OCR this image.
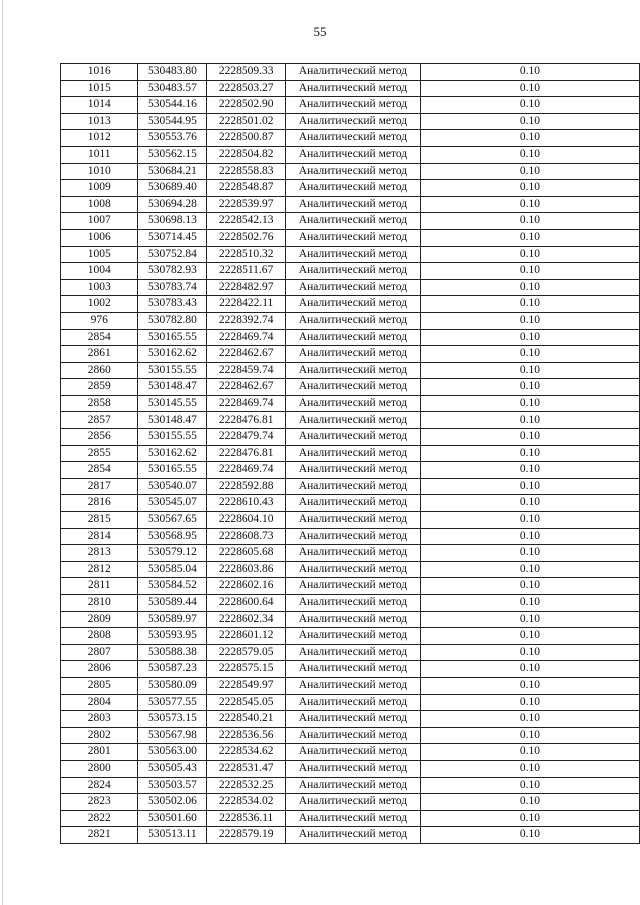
55
1016	530483.80	2228509.33	Аналитический метод	0.10
1015	530483.57	2228503.27	Аналитический метод	0.10
1014	530544.16	2228502.90	Аналитический метод	0.10
1013	530544.95	2228501.02	Аналитический метод	0.10
1012	530553.76	2228500.87	Аналитический метод	0.10
1011	530562.15	2228504.82	Аналитический метод	0.10
1010	530684.21	2228558.83	Аналитический метод	0.10
1009	530689.40	2228548.87	Аналитический метод	0.10
1008	530694.28	2228539.97	Аналитический метод	0.10
1007	530698.13	2228542.13	Аналитический метод	0.10
1006	530714.45	2228502.76	Аналитический метод	0.10
1005	530752.84	2228510.32	Аналитический метод	0.10
1004	530782.93	2228511.67	Аналитический метод	0.10
1003	530783.74	2228482.97	Аналитический метод	0.10
1002	530783.43	2228422.11	Аналитический метод	0.10
976	530782.80	2228392.74	Аналитический метод	0.10
2854	530165.55	2228469.74	Аналитический метод	0.10
2861	530162.62	2228462.67	Аналитический метод	0.10
2860	530155.55	2228459.74	Аналитический метод	0.10
2859	530148.47	2228462.67	Аналитический метод	0.10
2858	530145.55	2228469.74	Аналитический метод	0.10
2857	530148.47	2228476.81	Аналитический метод	0.10
2856	530155.55	2228479.74	Аналитический метод	0.10
2855	530162.62	2228476.81	Аналитический метод	0.10
2854	530165.55	2228469.74	Аналитический метод	0.10
2817	530540.07	2228592.88	Аналитический метод	0.10
2816	530545.07	2228610.43	Аналитический метод	0.10
2815	530567.65	2228604.10	Аналитический метод	0.10
2814	530568.95	2228608.73	Аналитический метод	0.10
2813	530579.12	2228605.68	Аналитический метод	0.10
2812	530585.04	2228603.86	Аналитический метод	0.10
2811	530584.52	2228602.16	Аналитический метод	0.10
2810	530589.44	2228600.64	Аналитический метод	0.10
2809	530589.97	2228602.34	Аналитический метод	0.10
2808	530593.95	2228601.12	Аналитический метод	0.10
2807	530588.38	2228579.05	Аналитический метод	0.10
2806	530587.23	2228575.15	Аналитический метод	0.10
2805	530580.09	2228549.97	Аналитический метод	0.10
2804	530577.55	2228545.05	Аналитический метод	0.10
2803	530573.15	2228540.21	Аналитический метод	0.10
2802	530567.98	2228536.56	Аналитический метод	0.10
2801	530563.00	2228534.62	Аналитический метод	0.10
2800	530505.43	2228531.47	Аналитический метод	0.10
2824	530503.57	2228532.25	Аналитический метод	0.10
2823	530502.06	2228534.02	Аналитический метод	0.10
2822	530501.60	2228536.11	Аналитический метод	0.10
2821	530513.11	2228579.19	Аналитический метод	0.10
